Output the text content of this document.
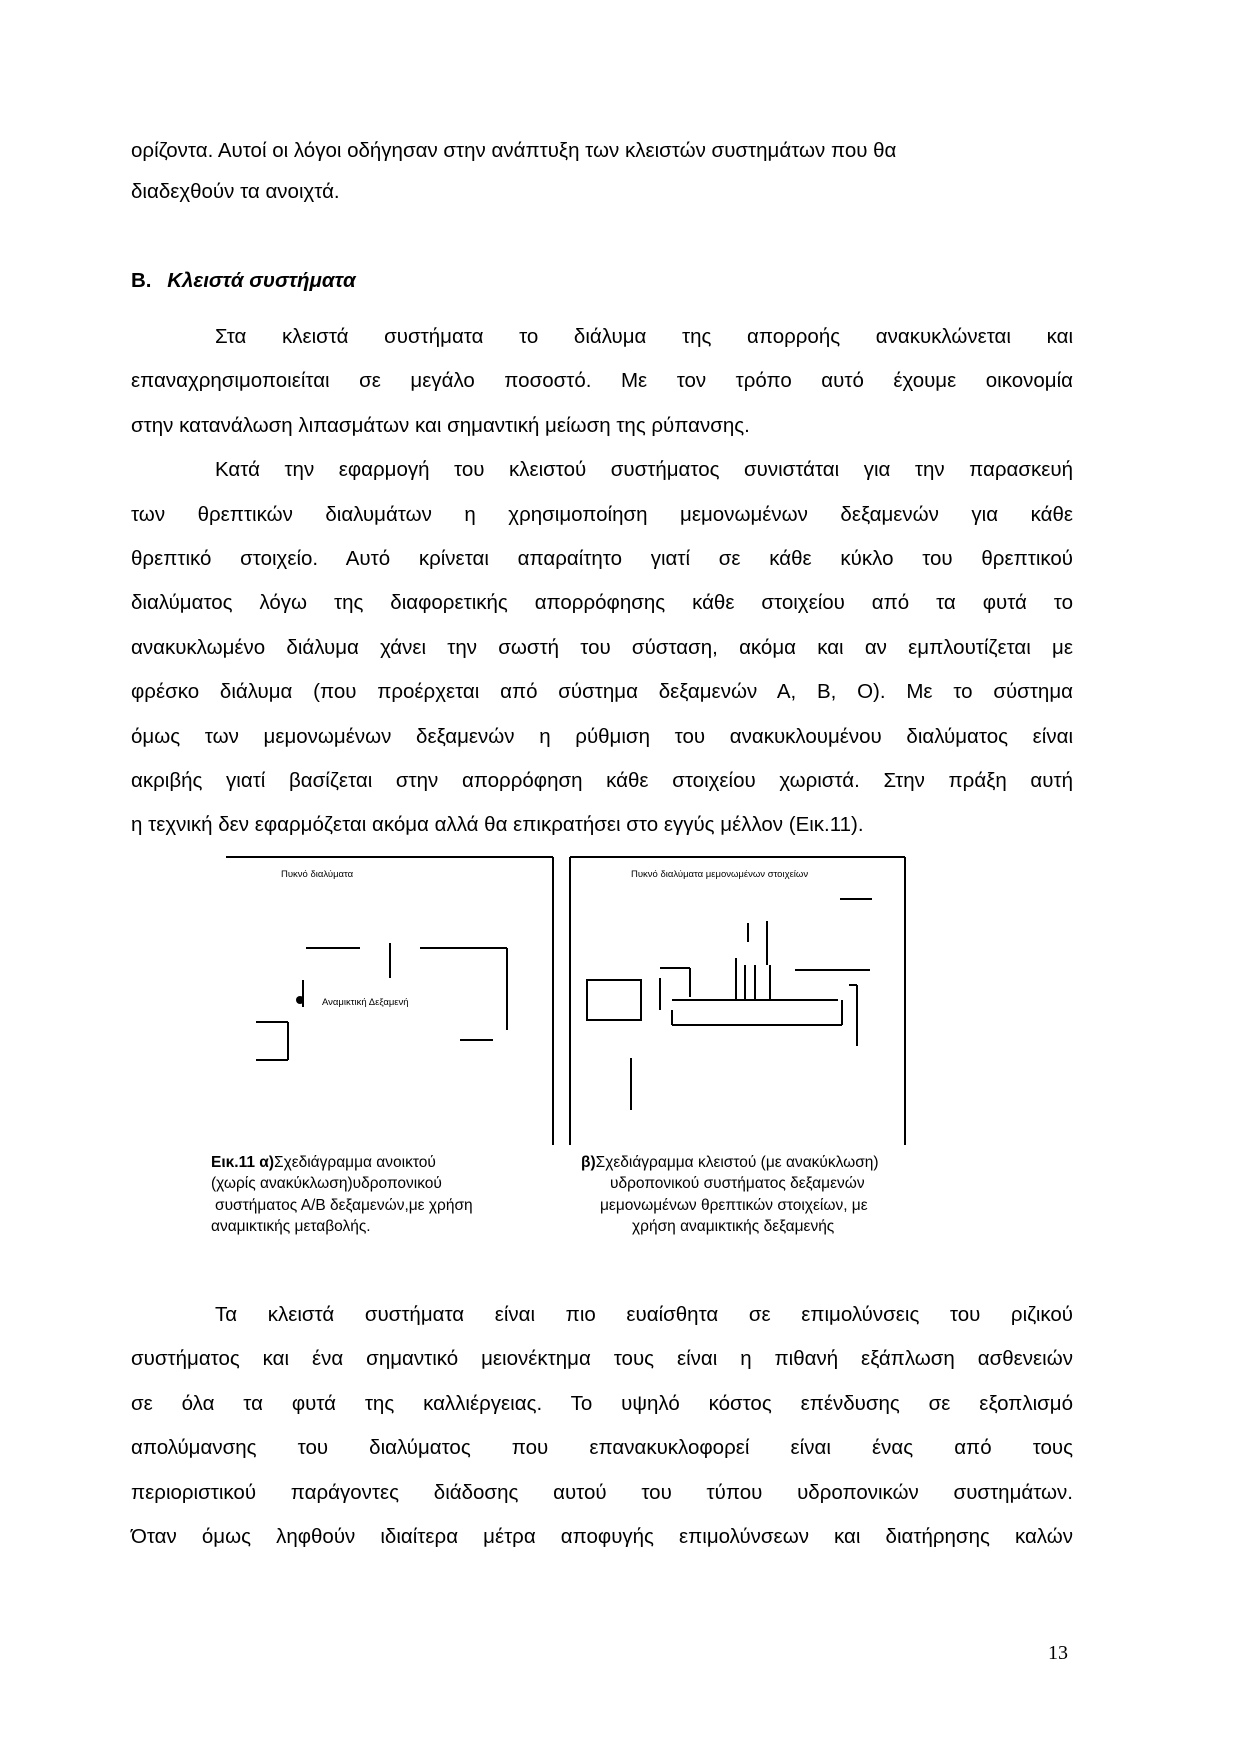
ορίζοντα. Αυτοί οι λόγοι οδήγησαν στην ανάπτυξη των κλειστών συστημάτων που θα
διαδεχθούν τα ανοιχτά.
Β. Κλειστά συστήματα
Στα κλειστά συστήματα το διάλυμα της απορροής ανακυκλώνεται και
επαναχρησιμοποιείται σε μεγάλο ποσοστό. Με τον τρόπο αυτό έχουμε οικονομία
στην κατανάλωση λιπασμάτων και σημαντική μείωση της ρύπανσης.
Κατά την εφαρμογή του κλειστού συστήματος συνιστάται για την παρασκευή
των θρεπτικών διαλυμάτων η χρησιμοποίηση μεμονωμένων δεξαμενών για κάθε
θρεπτικό στοιχείο. Αυτό κρίνεται απαραίτητο γιατί σε κάθε κύκλο του θρεπτικού
διαλύματος λόγω της διαφορετικής απορρόφησης κάθε στοιχείου από τα φυτά το
ανακυκλωμένο διάλυμα χάνει την σωστή του σύσταση, ακόμα και αν εμπλουτίζεται με
φρέσκο διάλυμα (που προέρχεται από σύστημα δεξαμενών Α, Β, Ο). Με το σύστημα
όμως των μεμονωμένων δεξαμενών η ρύθμιση του ανακυκλουμένου διαλύματος είναι
ακριβής γιατί βασίζεται στην απορρόφηση κάθε στοιχείου χωριστά. Στην πράξη αυτή
η τεχνική δεν εφαρμόζεται ακόμα αλλά θα επικρατήσει στο εγγύς μέλλον (Εικ.11).
Πυκνό διαλύματα
Αναμικτική Δεξαμενή
Πυκνό διαλύματα μεμονωμένων στοιχείων
Εικ.11 α)Σχεδιάγραμμα ανοικτού
(χωρίς ανακύκλωση)υδροπονικού
συστήματος Α/Β δεξαμενών,με χρήση
αναμικτικής μεταβολής.
β)Σχεδιάγραμμα κλειστού (με ανακύκλωση)
υδροπονικού συστήματος δεξαμενών
μεμονωμένων θρεπτικών στοιχείων, με
χρήση αναμικτικής δεξαμενής
Τα κλειστά συστήματα είναι πιο ευαίσθητα σε επιμολύνσεις του ριζικού
συστήματος και ένα σημαντικό μειονέκτημα τους είναι η πιθανή εξάπλωση ασθενειών
σε όλα τα φυτά της καλλιέργειας. Το υψηλό κόστος επένδυσης σε εξοπλισμό
απολύμανσης του διαλύματος που επανακυκλοφορεί είναι ένας από τους
περιοριστικού παράγοντες διάδοσης αυτού του τύπου υδροπονικών συστημάτων.
Όταν όμως ληφθούν ιδιαίτερα μέτρα αποφυγής επιμολύνσεων και διατήρησης καλών
13
